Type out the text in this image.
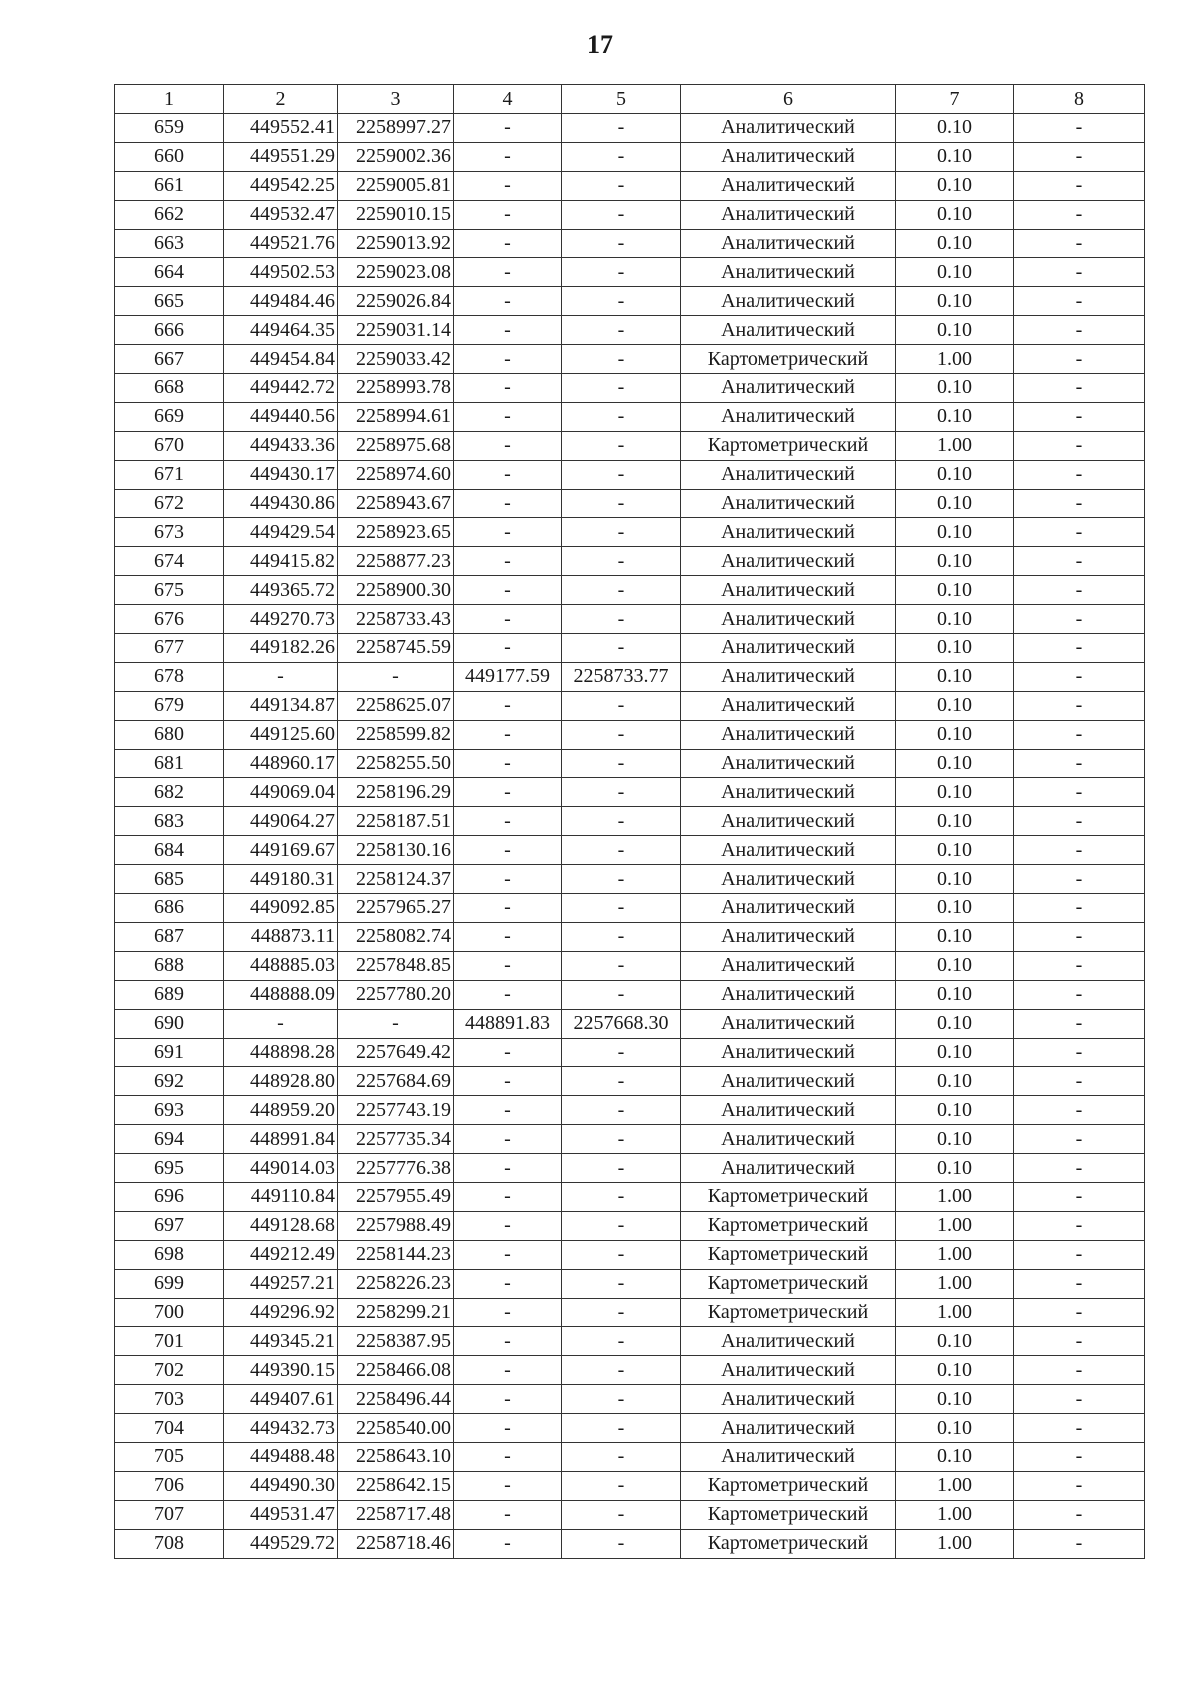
17
1	2	3	4	5	6	7	8
659	449552.41	2258997.27	-	-	Аналитический	0.10	-
660	449551.29	2259002.36	-	-	Аналитический	0.10	-
661	449542.25	2259005.81	-	-	Аналитический	0.10	-
662	449532.47	2259010.15	-	-	Аналитический	0.10	-
663	449521.76	2259013.92	-	-	Аналитический	0.10	-
664	449502.53	2259023.08	-	-	Аналитический	0.10	-
665	449484.46	2259026.84	-	-	Аналитический	0.10	-
666	449464.35	2259031.14	-	-	Аналитический	0.10	-
667	449454.84	2259033.42	-	-	Картометрический	1.00	-
668	449442.72	2258993.78	-	-	Аналитический	0.10	-
669	449440.56	2258994.61	-	-	Аналитический	0.10	-
670	449433.36	2258975.68	-	-	Картометрический	1.00	-
671	449430.17	2258974.60	-	-	Аналитический	0.10	-
672	449430.86	2258943.67	-	-	Аналитический	0.10	-
673	449429.54	2258923.65	-	-	Аналитический	0.10	-
674	449415.82	2258877.23	-	-	Аналитический	0.10	-
675	449365.72	2258900.30	-	-	Аналитический	0.10	-
676	449270.73	2258733.43	-	-	Аналитический	0.10	-
677	449182.26	2258745.59	-	-	Аналитический	0.10	-
678	-	-	449177.59	2258733.77	Аналитический	0.10	-
679	449134.87	2258625.07	-	-	Аналитический	0.10	-
680	449125.60	2258599.82	-	-	Аналитический	0.10	-
681	448960.17	2258255.50	-	-	Аналитический	0.10	-
682	449069.04	2258196.29	-	-	Аналитический	0.10	-
683	449064.27	2258187.51	-	-	Аналитический	0.10	-
684	449169.67	2258130.16	-	-	Аналитический	0.10	-
685	449180.31	2258124.37	-	-	Аналитический	0.10	-
686	449092.85	2257965.27	-	-	Аналитический	0.10	-
687	448873.11	2258082.74	-	-	Аналитический	0.10	-
688	448885.03	2257848.85	-	-	Аналитический	0.10	-
689	448888.09	2257780.20	-	-	Аналитический	0.10	-
690	-	-	448891.83	2257668.30	Аналитический	0.10	-
691	448898.28	2257649.42	-	-	Аналитический	0.10	-
692	448928.80	2257684.69	-	-	Аналитический	0.10	-
693	448959.20	2257743.19	-	-	Аналитический	0.10	-
694	448991.84	2257735.34	-	-	Аналитический	0.10	-
695	449014.03	2257776.38	-	-	Аналитический	0.10	-
696	449110.84	2257955.49	-	-	Картометрический	1.00	-
697	449128.68	2257988.49	-	-	Картометрический	1.00	-
698	449212.49	2258144.23	-	-	Картометрический	1.00	-
699	449257.21	2258226.23	-	-	Картометрический	1.00	-
700	449296.92	2258299.21	-	-	Картометрический	1.00	-
701	449345.21	2258387.95	-	-	Аналитический	0.10	-
702	449390.15	2258466.08	-	-	Аналитический	0.10	-
703	449407.61	2258496.44	-	-	Аналитический	0.10	-
704	449432.73	2258540.00	-	-	Аналитический	0.10	-
705	449488.48	2258643.10	-	-	Аналитический	0.10	-
706	449490.30	2258642.15	-	-	Картометрический	1.00	-
707	449531.47	2258717.48	-	-	Картометрический	1.00	-
708	449529.72	2258718.46	-	-	Картометрический	1.00	-
